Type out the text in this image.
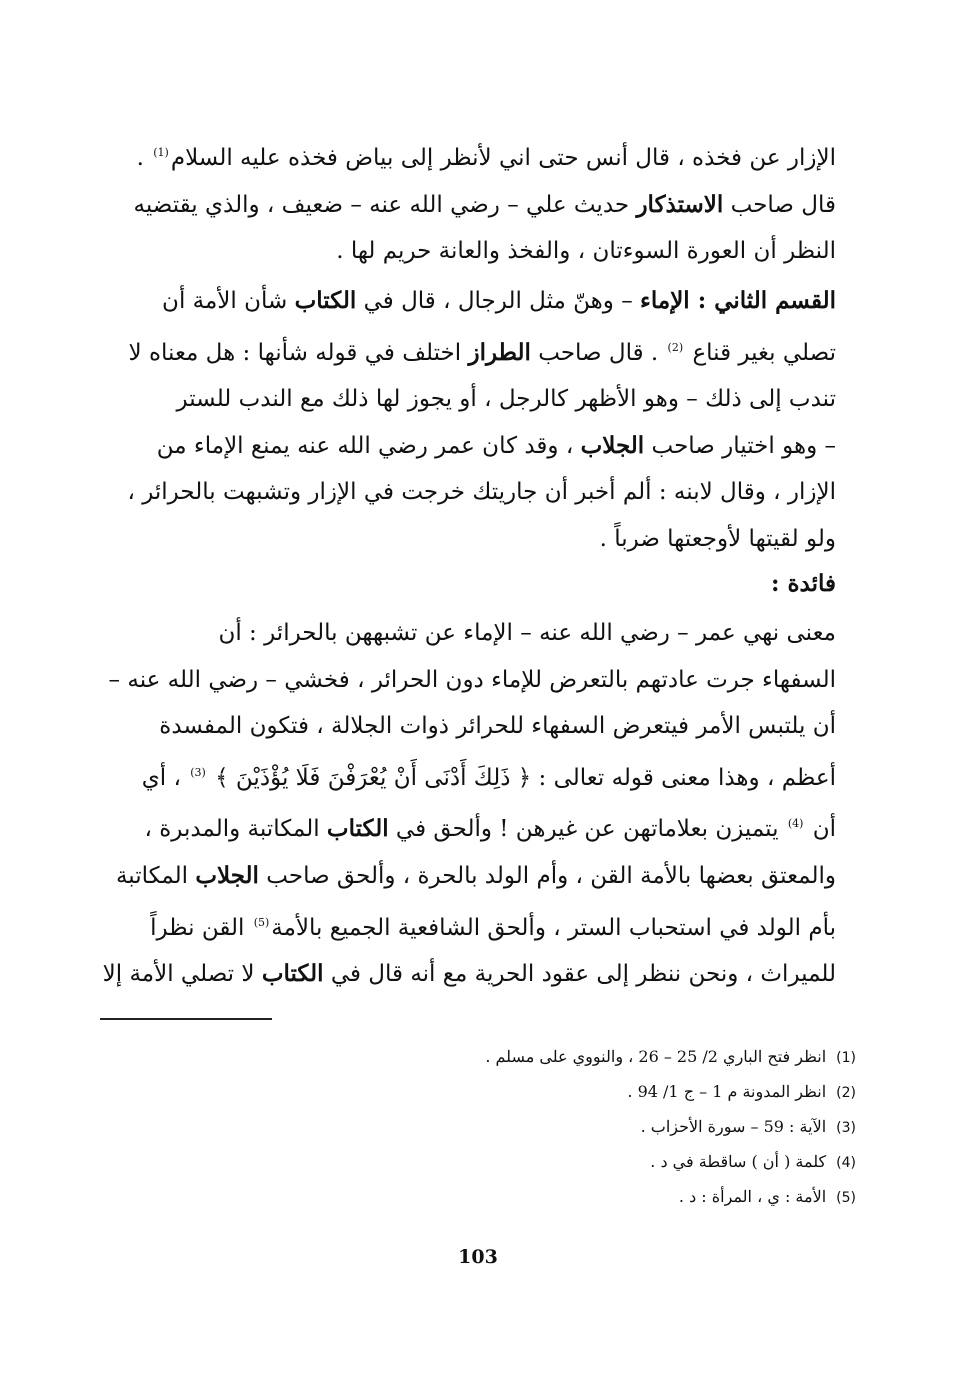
الإزار عن فخذه ، قال أنس حتى اني لأنظر إلى بياض فخذه عليه السلام$^{(1)}$ .
قال صاحب الاستذكار حديث علي – رضي الله عنه – ضعيف ، والذي يقتضيه
النظر أن العورة السوءتان ، والفخذ والعانة حريم لها .
القسم الثاني : الإماء – وهنّ مثل الرجال ، قال في الكتاب شأن الأمة أن
تصلي بغير قناع $^{(2)}$ . قال صاحب الطراز اختلف في قوله شأنها : هل معناه لا
تندب إلى ذلك – وهو الأظهر كالرجل ، أو يجوز لها ذلك مع الندب للستر
– وهو اختيار صاحب الجلاب ، وقد كان عمر رضي الله عنه يمنع الإماء من
الإزار ، وقال لابنه : ألم أخبر أن جاريتك خرجت في الإزار وتشبهت بالحرائر ،
ولو لقيتها لأوجعتها ضرباً .
فائدة :
معنى نهي عمر – رضي الله عنه – الإماء عن تشبههن بالحرائر : أن
السفهاء جرت عادتهم بالتعرض للإماء دون الحرائر ، فخشي – رضي الله عنه –
أن يلتبس الأمر فيتعرض السفهاء للحرائر ذوات الجلالة ، فتكون المفسدة
أعظم ، وهذا معنى قوله تعالى : ﴿ ذَلِكَ أَدْنَى أَنْ يُعْرَفْنَ فَلَا يُؤْذَيْنَ ﴾ $^{(3)}$ ، أي
أن $^{(4)}$ يتميزن بعلاماتهن عن غيرهن ! وألحق في الكتاب المكاتبة والمدبرة ،
والمعتق بعضها بالأمة القن ، وأم الولد بالحرة ، وألحق صاحب الجلاب المكاتبة
بأم الولد في استحباب الستر ، وألحق الشافعية الجميع بالأمة$^{(5)}$ القن نظراً
للميراث ، ونحن ننظر إلى عقود الحرية مع أنه قال في الكتاب لا تصلي الأمة إلا
(1)انظر فتح الباري 2/ 25 – 26 ، والنووي على مسلم .
(2)انظر المدونة م 1 – ج 1/ 94 .
(3)الآية : 59 – سورة الأحزاب .
(4)كلمة ( أن ) ساقطة في د .
(5)الأمة : ي ، المرأة : د .
103
